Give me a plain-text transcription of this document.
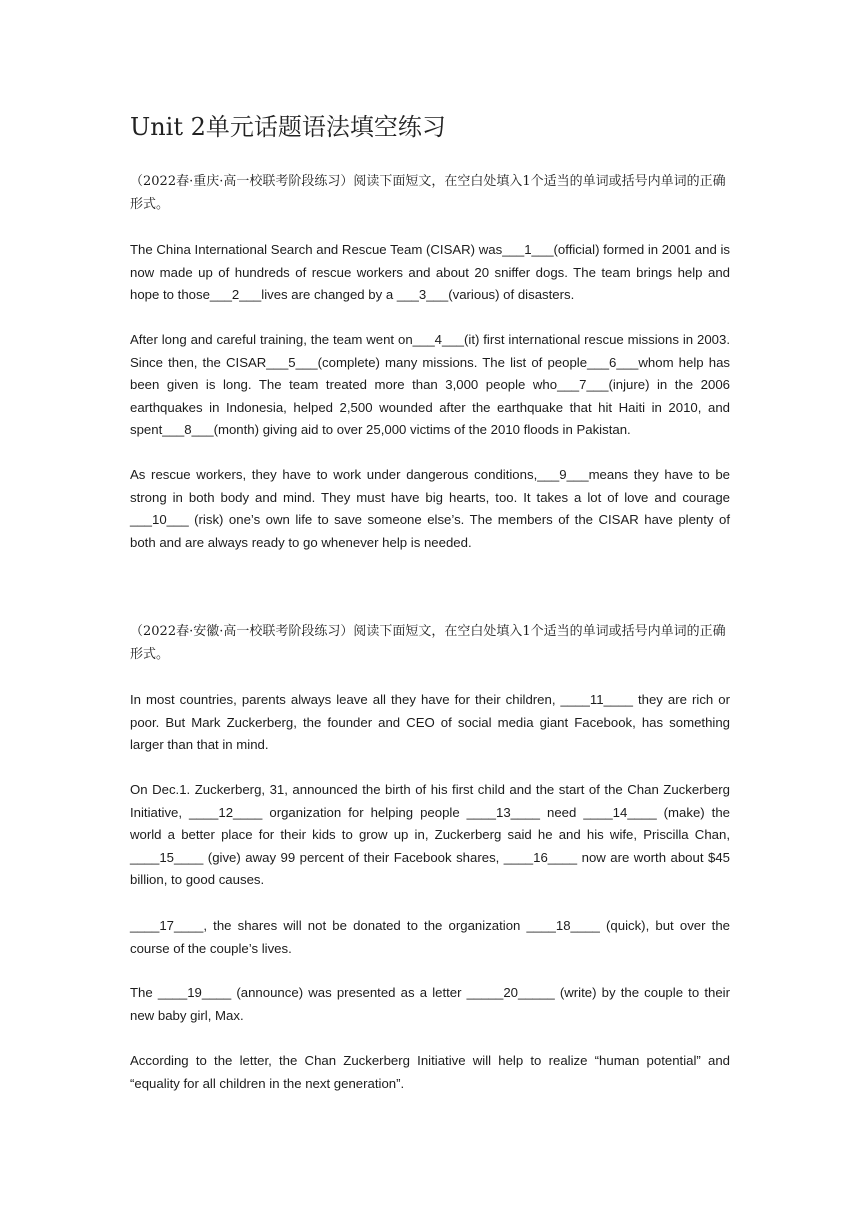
Unit 2单元话题语法填空练习

（2022春·重庆·高一校联考阶段练习）阅读下面短文，在空白处填入1个适当的单词或括号内单词的正确形式。

The China International Search and Rescue Team (CISAR) was___1___(official) formed in 2001 and is now made up of hundreds of rescue workers and about 20 sniffer dogs. The team brings help and hope to those___2___lives are changed by a ___3___(various) of disasters.

After long and careful training, the team went on___4___(it) first international rescue missions in 2003. Since then, the CISAR___5___(complete) many missions. The list of people___6___whom help has been given is long. The team treated more than 3,000 people who___7___(injure) in the 2006 earthquakes in Indonesia, helped 2,500 wounded after the earthquake that hit Haiti in 2010, and spent___8___(month) giving aid to over 25,000 victims of the 2010 floods in Pakistan.

As rescue workers, they have to work under dangerous conditions,___9___means they have to be strong in both body and mind. They must have big hearts, too. It takes a lot of love and courage ___10___ (risk) one’s own life to save someone else’s. The members of the CISAR have plenty of both and are always ready to go whenever help is needed.

（2022春·安徽·高一校联考阶段练习）阅读下面短文，在空白处填入1个适当的单词或括号内单词的正确形式。

In most countries, parents always leave all they have for their children, ____11____ they are rich or poor. But Mark Zuckerberg, the founder and CEO of social media giant Facebook, has something larger than that in mind.

On Dec.1. Zuckerberg, 31, announced the birth of his first child and the start of the Chan Zuckerberg Initiative, ____12____ organization for helping people ____13____ need ____14____ (make) the world a better place for their kids to grow up in, Zuckerberg said he and his wife, Priscilla Chan, ____15____ (give) away 99 percent of their Facebook shares, ____16____ now are worth about $45 billion, to good causes.

____17____, the shares will not be donated to the organization ____18____ (quick), but over the course of the couple’s lives.

The ____19____ (announce) was presented as a letter _____20_____ (write) by the couple to their new baby girl, Max.

According to the letter, the Chan Zuckerberg Initiative will help to realize “human potential” and “equality for all children in the next generation”.
